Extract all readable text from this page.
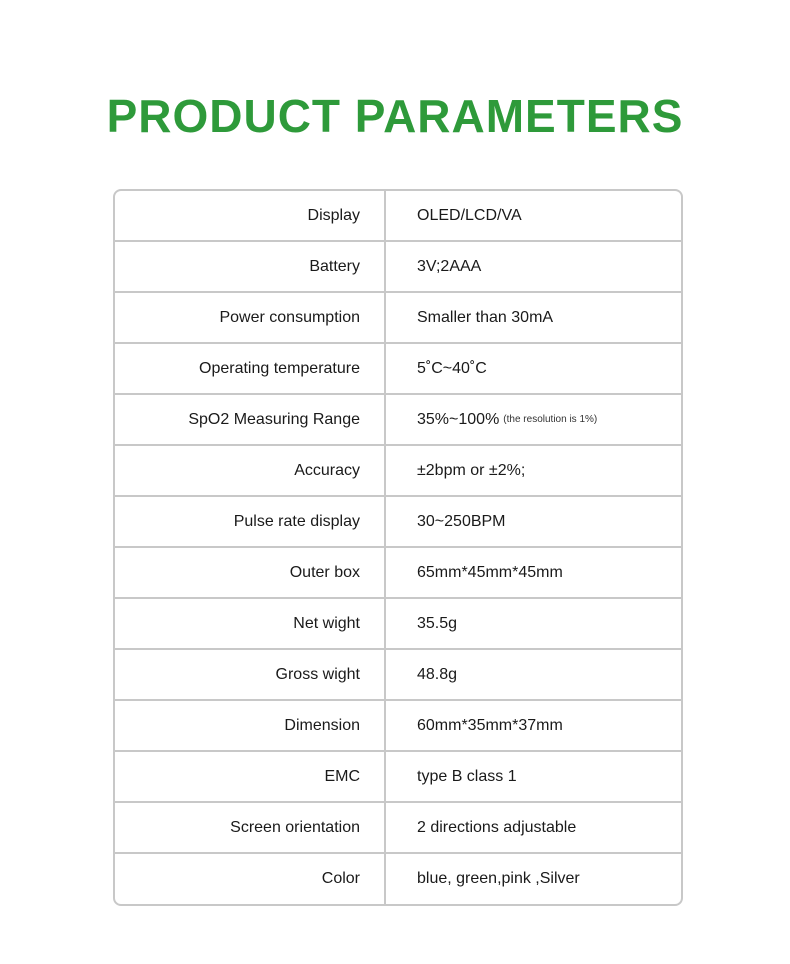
PRODUCT PARAMETERS
Display	OLED/LCD/VA
Battery	3V;2AAA
Power consumption	Smaller than 30mA
Operating temperature	5˚C~40˚C
SpO2 Measuring Range	35%~100% (the resolution is 1%)
Accuracy	±2bpm or ±2%;
Pulse rate display	30~250BPM
Outer box	65mm*45mm*45mm
Net wight	35.5g
Gross wight	48.8g
Dimension	60mm*35mm*37mm
EMC	type B class 1
Screen orientation	2 directions adjustable
Color	blue, green,pink ,Silver
